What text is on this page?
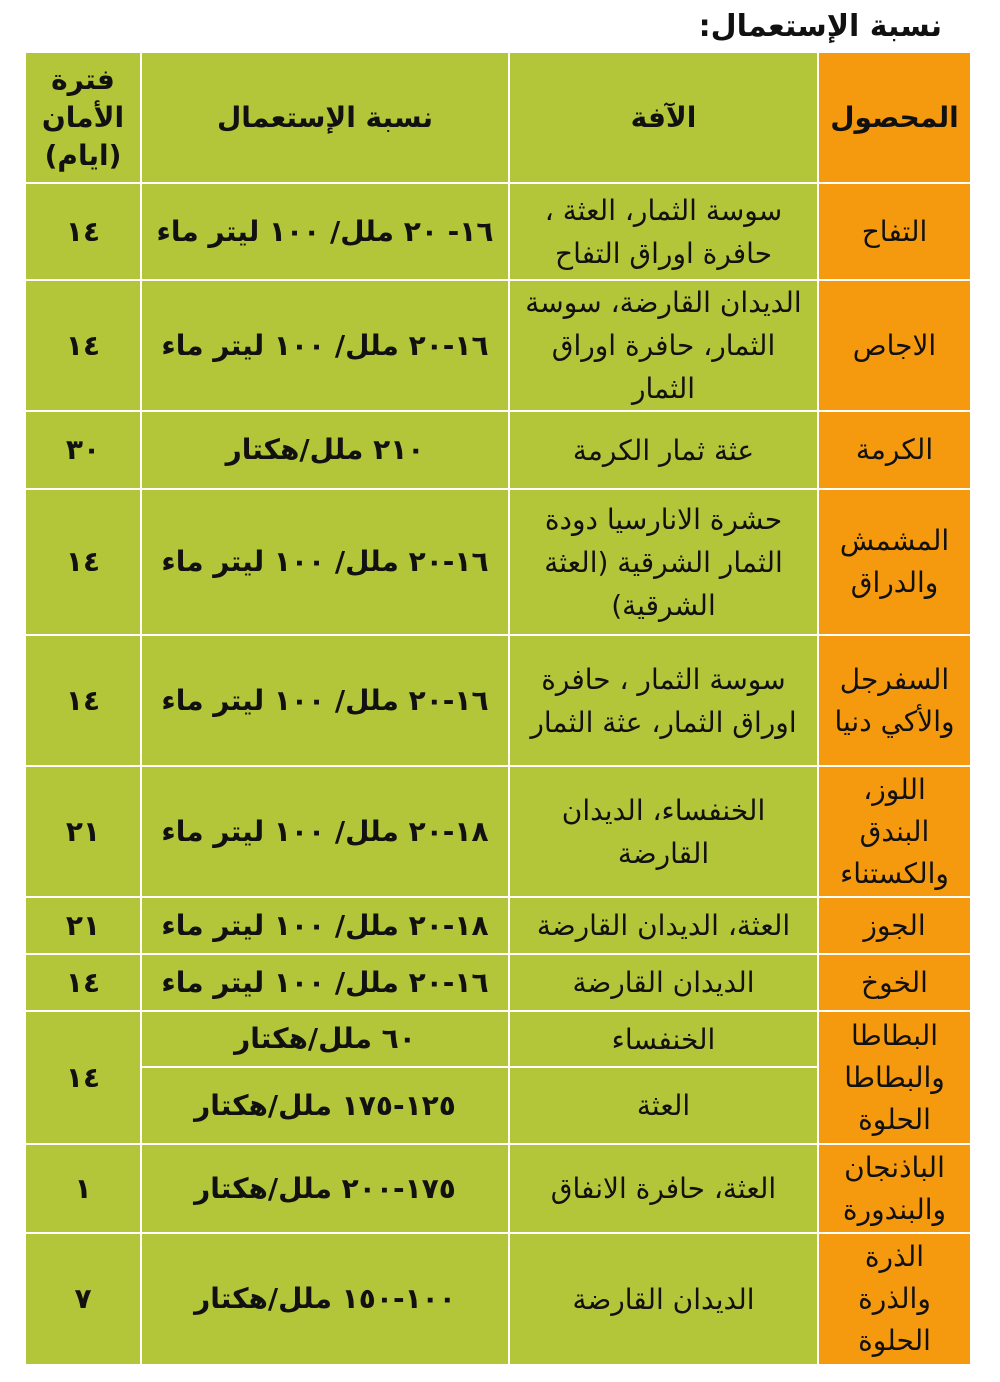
نسبة الإستعمال:
المحصول	الآفة	نسبة الإستعمال	فترة الأمان (ايام)
التفاح	سوسة الثمار، العثة ، حافرة اوراق التفاح	١٦- ٢٠ ملل/ ١٠٠ ليتر ماء	١٤
الاجاص	الديدان القارضة، سوسة الثمار، حافرة اوراق الثمار	١٦-٢٠ ملل/ ١٠٠ ليتر ماء	١٤
الكرمة	عثة ثمار الكرمة	٢١٠ ملل/هكتار	٣٠
المشمش والدراق	حشرة الانارسيا دودة الثمار الشرقية (العثة الشرقية)	١٦-٢٠ ملل/ ١٠٠ ليتر ماء	١٤
السفرجل والأكي دنيا	سوسة الثمار ، حافرة اوراق الثمار، عثة الثمار	١٦-٢٠ ملل/ ١٠٠ ليتر ماء	١٤
اللوز، البندق والكستناء	الخنفساء، الديدان القارضة	١٨-٢٠ ملل/ ١٠٠ ليتر ماء	٢١
الجوز	العثة، الديدان القارضة	١٨-٢٠ ملل/ ١٠٠ ليتر ماء	٢١
الخوخ	الديدان القارضة	١٦-٢٠ ملل/ ١٠٠ ليتر ماء	١٤
البطاطا والبطاطا الحلوة	الخنفساء	٦٠ ملل/هكتار	١٤
	العثة	١٢٥-١٧٥ ملل/هكتار	
الباذنجان والبندورة	العثة، حافرة الانفاق	١٧٥-٢٠٠ ملل/هكتار	١
الذرة والذرة الحلوة	الديدان القارضة	١٠٠-١٥٠ ملل/هكتار	٧
